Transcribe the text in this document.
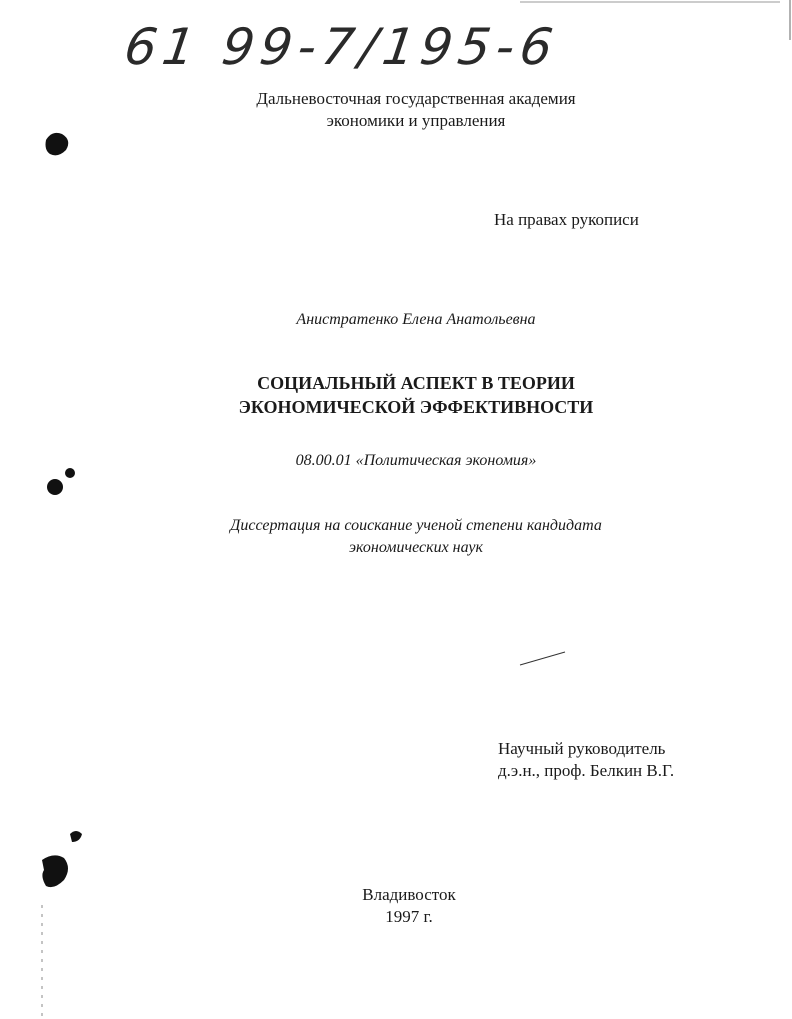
61 99-7/195-6
Дальневосточная государственная академия
экономики и управления
На правах рукописи
Анистратенко Елена Анатольевна
СОЦИАЛЬНЫЙ АСПЕКТ В ТЕОРИИ
ЭКОНОМИЧЕСКОЙ ЭФФЕКТИВНОСТИ
08.00.01 «Политическая экономия»
Диссертация на соискание ученой степени кандидата
экономических наук
Научный руководитель
д.э.н., проф. Белкин В.Г.
Владивосток
1997 г.
